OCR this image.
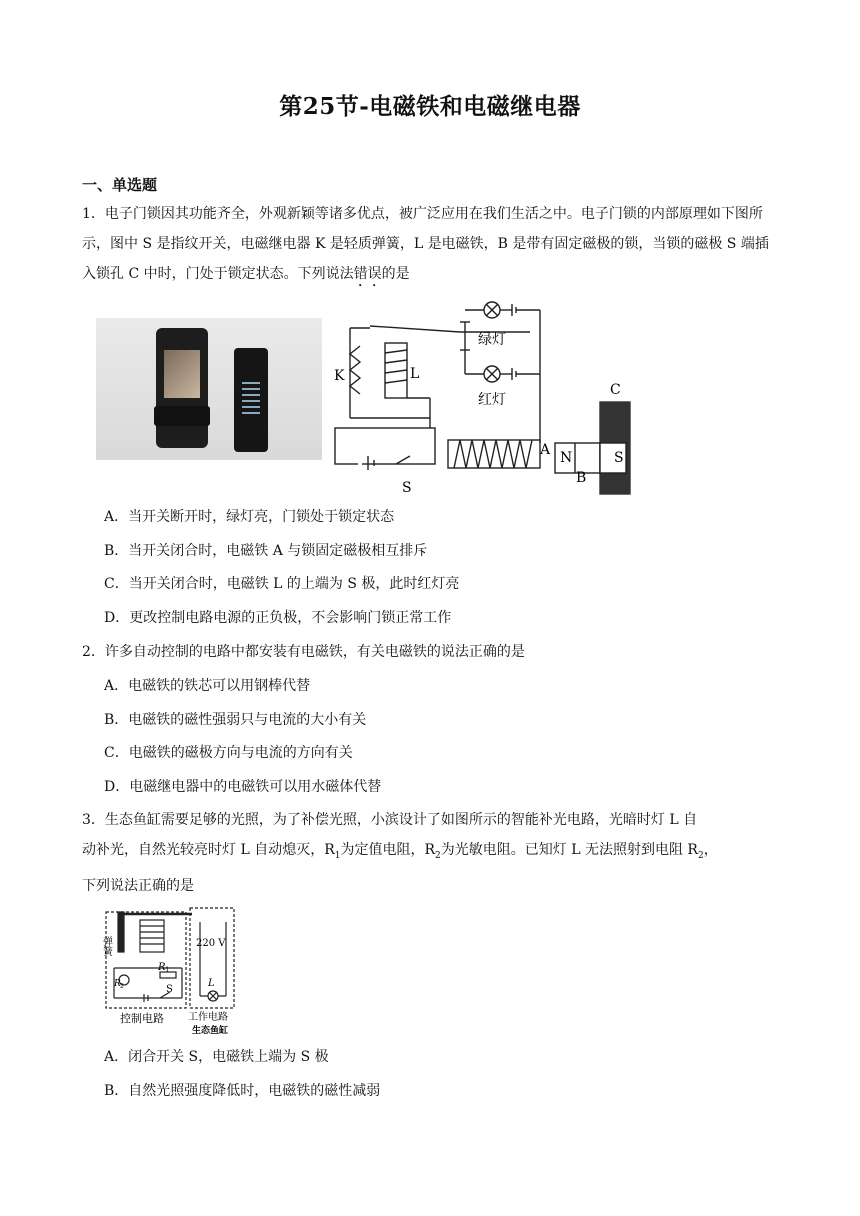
第25节-电磁铁和电磁继电器
一、单选题
1．电子门锁因其功能齐全，外观新颖等诸多优点，被广泛应用在我们生活之中。电子门锁的内部原理如下图所示，图中 S 是指纹开关，电磁继电器 K 是轻质弹簧，L 是电磁铁，B 是带有固定磁极的锁，当锁的磁极 S 端插入锁孔 C 中时，门处于锁定状态。下列说法错误的是
K	L
绿灯
红灯
S
A N	S
B
C
A．当开关断开时，绿灯亮，门锁处于锁定状态
B．当开关闭合时，电磁铁 A 与锁固定磁极相互排斥
C．当开关闭合时，电磁铁 L 的上端为 S 极，此时红灯亮
D．更改控制电路电源的正负极，不会影响门锁正常工作
2．许多自动控制的电路中都安装有电磁铁，有关电磁铁的说法正确的是
A．电磁铁的铁芯可以用钢棒代替
B．电磁铁的磁性强弱只与电流的大小有关
C．电磁铁的磁极方向与电流的方向有关
D．电磁继电器中的电磁铁可以用水磁体代替
3．生态鱼缸需要足够的光照，为了补偿光照，小滨设计了如图所示的智能补光电路，光暗时灯 L 自
动补光，自然光较亮时灯 L 自动熄灭，$R_1$为定值电阻，$R_2$为光敏电阻。已知灯 L 无法照射到电阻 $R_2$，
下列说法正确的是
弹簧	220 V
R 1
R 2	S
L
控制电路 工作电路
生态鱼缸
A．闭合开关 S，电磁铁上端为 S 极
B．自然光照强度降低时，电磁铁的磁性减弱
